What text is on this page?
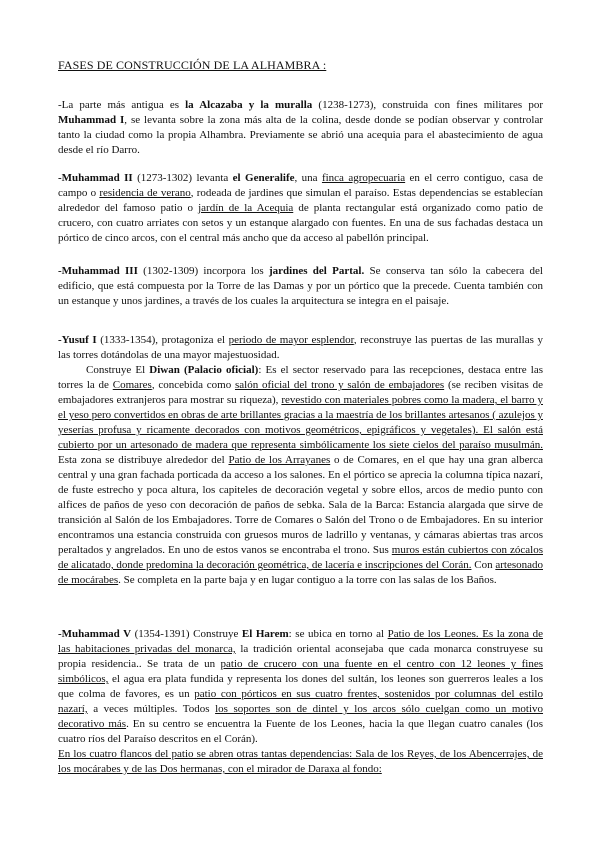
FASES DE CONSTRUCCIÓN DE LA ALHAMBRA :

-La parte más antigua es la Alcazaba y la muralla (1238-1273), construida con fines militares por Muhammad I, se levanta sobre la zona más alta de la colina, desde donde se podían observar y controlar tanto la ciudad como la propia Alhambra. Previamente se abrió una acequia para el abastecimiento de agua desde el río Darro.

-Muhammad II (1273-1302) levanta el Generalife, una finca agropecuaria en el cerro contiguo, casa de campo o residencia de verano, rodeada de jardines que simulan el paraíso. Estas dependencias se establecían alrededor del famoso patio o jardín de la Acequia de planta rectangular está organizado como patio de crucero, con cuatro arriates con setos y un estanque alargado con fuentes. En una de sus fachadas destaca un pórtico de cinco arcos, con el central más ancho que da acceso al pabellón principal.

-Muhammad III (1302-1309) incorpora los jardines del Partal. Se conserva tan sólo la cabecera del edificio, que está compuesta por la Torre de las Damas y por un pórtico que la precede. Cuenta también con un estanque y unos jardines, a través de los cuales la arquitectura se integra en el paisaje.

-Yusuf I (1333-1354), protagoniza el periodo de mayor esplendor, reconstruye las puertas de las murallas y las torres dotándolas de una mayor majestuosidad.
Construye El Diwan (Palacio oficial): Es el sector reservado para las recepciones, destaca entre las torres la de Comares, concebida como salón oficial del trono y salón de embajadores (se reciben visitas de embajadores extranjeros para mostrar su riqueza), revestido con materiales pobres como la madera, el barro y el yeso pero convertidos en obras de arte brillantes gracias a la maestría de los brillantes artesanos ( azulejos y yeserías profusa y ricamente decorados con motivos geométricos, epigráficos y vegetales). El salón está cubierto por un artesonado de madera que representa simbólicamente los siete cielos del paraíso musulmán. Esta zona se distribuye alrededor del Patio de los Arrayanes o de Comares, en el que hay una gran alberca central y una gran fachada porticada da acceso a los salones. En el pórtico se aprecia la columna típica nazarí, de fuste estrecho y poca altura, los capiteles de decoración vegetal y sobre ellos, arcos de medio punto con alfices de paños de yeso con decoración de paños de sebka. Sala de la Barca: Estancia alargada que sirve de transición al Salón de los Embajadores. Torre de Comares o Salón del Trono o de Embajadores. En su interior encontramos una estancia construida con gruesos muros de ladrillo y ventanas, y cámaras abiertas tras arcos peraltados y angrelados. En uno de estos vanos se encontraba el trono. Sus muros están cubiertos con zócalos de alicatado, donde predomina la decoración geométrica, de lacería e inscripciones del Corán. Con artesonado de mocárabes. Se completa en la parte baja y en lugar contiguo a la torre con las salas de los Baños.

-Muhammad V (1354-1391) Construye El Harem: se ubica en torno al Patio de los Leones. Es la zona de las habitaciones privadas del monarca, la tradición oriental aconsejaba que cada monarca construyese su propia residencia.. Se trata de un patio de crucero con una fuente en el centro con 12 leones y fines simbólicos, el agua era plata fundida y representa los dones del sultán, los leones son guerreros leales a los que colma de favores, es un patio con pórticos en sus cuatro frentes, sostenidos por columnas del estilo nazarí, a veces múltiples. Todos los soportes son de dintel y los arcos sólo cuelgan como un motivo decorativo más. En su centro se encuentra la Fuente de los Leones, hacia la que llegan cuatro canales (los cuatro ríos del Paraíso descritos en el Corán).
En los cuatro flancos del patio se abren otras tantas dependencias: Sala de los Reyes, de los Abencerrajes, de los mocárabes y de las Dos hermanas, con el mirador de Daraxa al fondo:
